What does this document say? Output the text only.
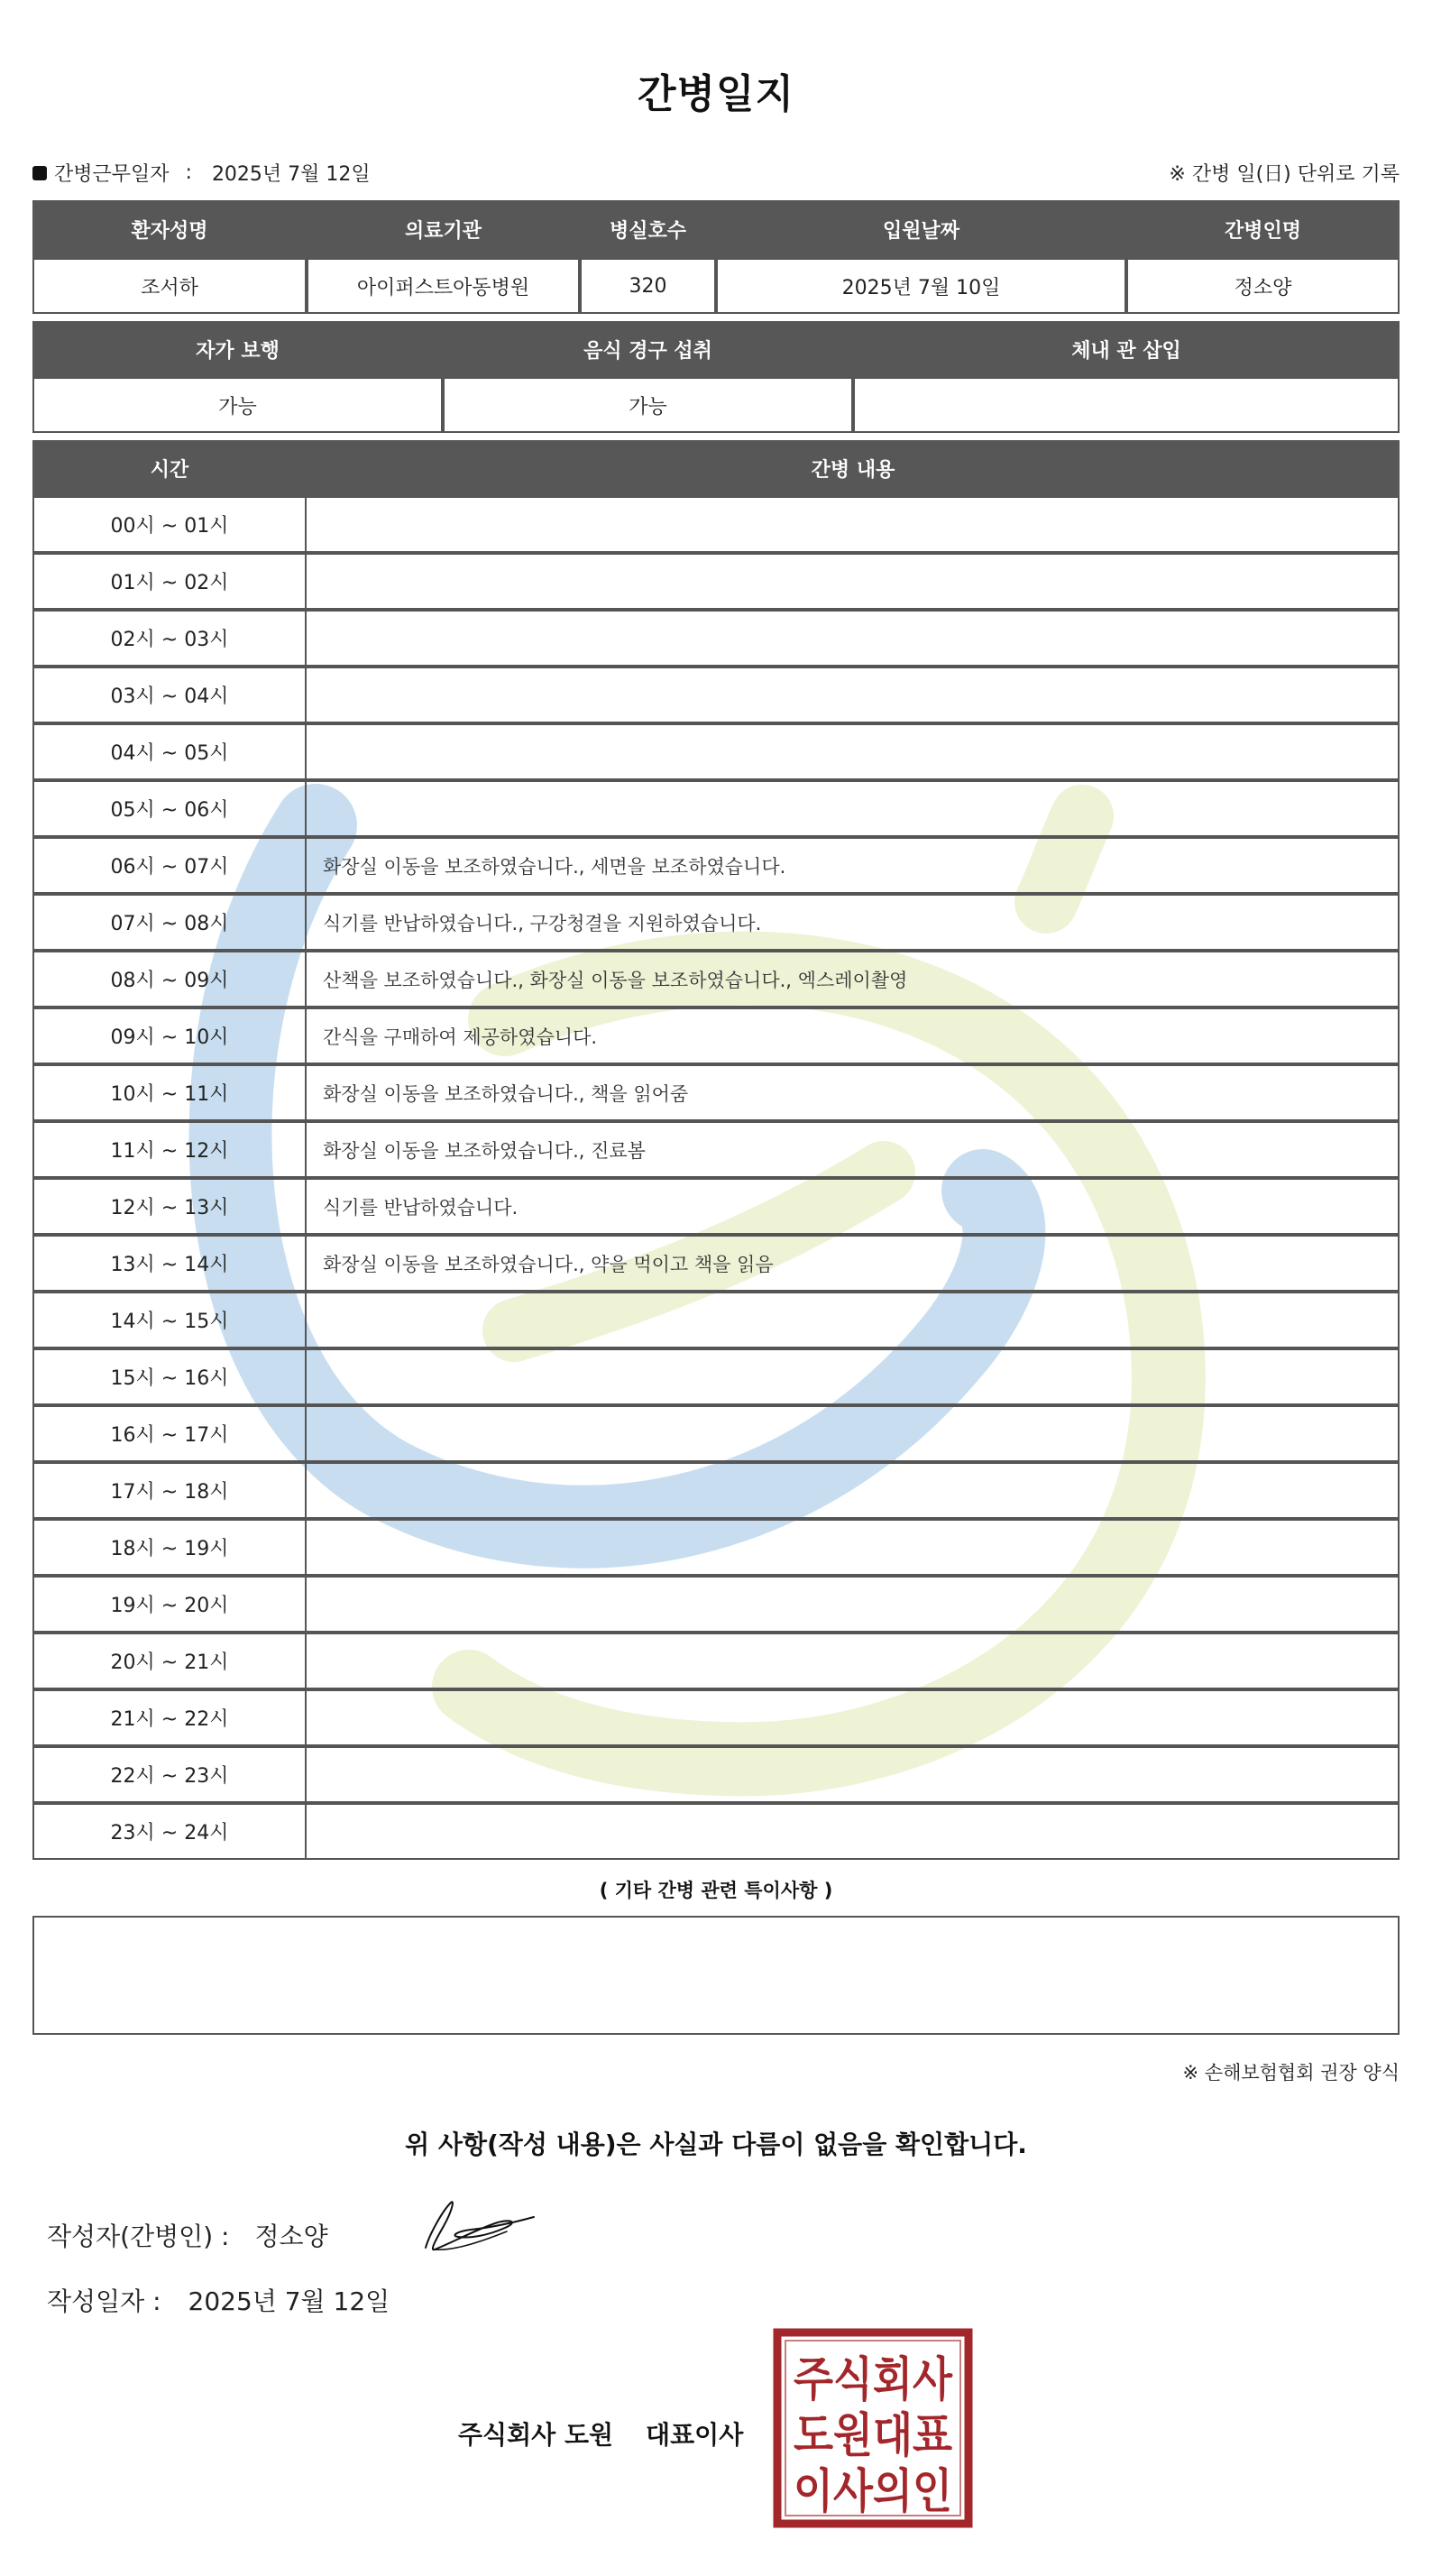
간병일지
간병근무일자 : 2025년 7월 12일	※ 간병 일(日) 단위로 기록
환자성명	의료기관	병실호수	입원날짜	간병인명
조서하	아이퍼스트아동병원	320	2025년 7월 10일	정소양
자가 보행	음식 경구 섭취	체내 관 삽입
가능	가능
시간	간병 내용
00시 ~ 01시
01시 ~ 02시
02시 ~ 03시
03시 ~ 04시
04시 ~ 05시
05시 ~ 06시
06시 ~ 07시	화장실 이동을 보조하였습니다., 세면을 보조하였습니다.
07시 ~ 08시	식기를 반납하였습니다., 구강청결을 지원하였습니다.
08시 ~ 09시	산책을 보조하였습니다., 화장실 이동을 보조하였습니다., 엑스레이촬영
09시 ~ 10시	간식을 구매하여 제공하였습니다.
10시 ~ 11시	화장실 이동을 보조하였습니다., 책을 읽어줌
11시 ~ 12시	화장실 이동을 보조하였습니다., 진료봄
12시 ~ 13시	식기를 반납하였습니다.
13시 ~ 14시	화장실 이동을 보조하였습니다., 약을 먹이고 책을 읽음
14시 ~ 15시
15시 ~ 16시
16시 ~ 17시
17시 ~ 18시
18시 ~ 19시
19시 ~ 20시
20시 ~ 21시
21시 ~ 22시
22시 ~ 23시
23시 ~ 24시
( 기타 간병 관련 특이사항 )
※ 손해보험협회 권장 양식
위 사항(작성 내용)은 사실과 다름이 없음을 확인합니다.
작성자(간병인) : 정소양
작성일자 : 2025년 7월 12일
주식회사 도원 대표이사
주식회사
도원대표
이사의인
